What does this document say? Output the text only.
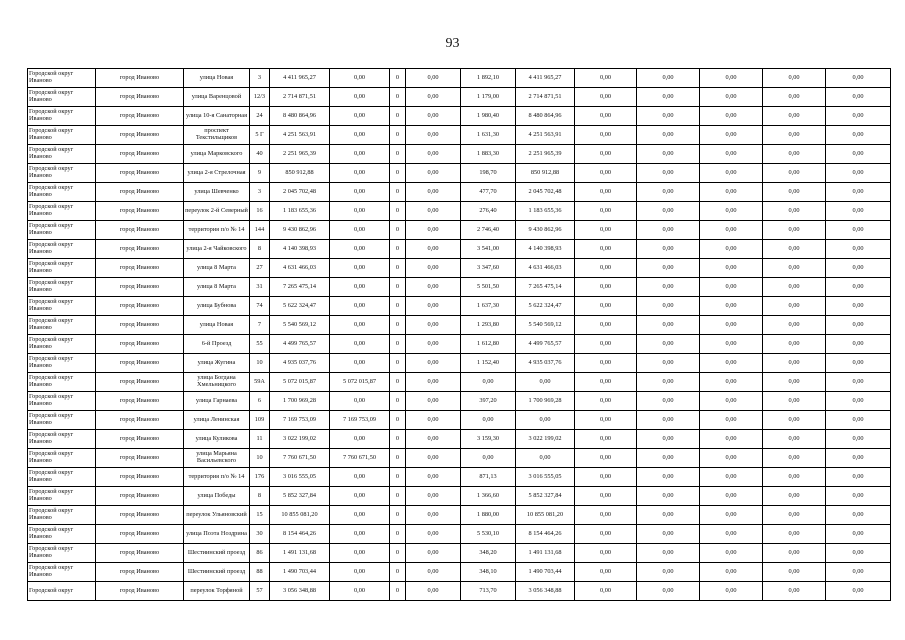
93
Городской округ Иваново	город Иваново	улица Новая	3	4 411 965,27	0,00	0	0,00	1 892,10	4 411 965,27	0,00	0,00	0,00	0,00	0,00
Городской округ Иваново	город Иваново	улица Варенцовой	12/3	2 714 871,51	0,00	0	0,00	1 179,00	2 714 871,51	0,00	0,00	0,00	0,00	0,00
Городской округ Иваново	город Иваново	улица 10-я Санаторная	24	8 480 864,96	0,00	0	0,00	1 980,40	8 480 864,96	0,00	0,00	0,00	0,00	0,00
Городской округ Иваново	город Иваново	проспект Текстильщиков	5 Г	4 251 563,91	0,00	0	0,00	1 631,30	4 251 563,91	0,00	0,00	0,00	0,00	0,00
Городской округ Иваново	город Иваново	улица Марковского	40	2 251 965,39	0,00	0	0,00	1 883,30	2 251 965,39	0,00	0,00	0,00	0,00	0,00
Городской округ Иваново	город Иваново	улица 2-я Стрелочная	9	850 912,88	0,00	0	0,00	198,70	850 912,88	0,00	0,00	0,00	0,00	0,00
Городской округ Иваново	город Иваново	улица Шевченко	3	2 045 702,48	0,00	0	0,00	477,70	2 045 702,48	0,00	0,00	0,00	0,00	0,00
Городской округ Иваново	город Иваново	переулок 2-й Северный	16	1 183 655,36	0,00	0	0,00	276,40	1 183 655,36	0,00	0,00	0,00	0,00	0,00
Городской округ Иваново	город Иваново	территория п/о № 14	144	9 430 862,96	0,00	0	0,00	2 746,40	9 430 862,96	0,00	0,00	0,00	0,00	0,00
Городской округ Иваново	город Иваново	улица 2-я Чайковского	8	4 140 398,93	0,00	0	0,00	3 541,00	4 140 398,93	0,00	0,00	0,00	0,00	0,00
Городской округ Иваново	город Иваново	улица 8 Марта	27	4 631 466,03	0,00	0	0,00	3 347,60	4 631 466,03	0,00	0,00	0,00	0,00	0,00
Городской округ Иваново	город Иваново	улица 8 Марта	31	7 265 475,14	0,00	0	0,00	5 501,50	7 265 475,14	0,00	0,00	0,00	0,00	0,00
Городской округ Иваново	город Иваново	улица Бубнова	74	5 622 324,47	0,00	0	0,00	1 637,30	5 622 324,47	0,00	0,00	0,00	0,00	0,00
Городской округ Иваново	город Иваново	улица Новая	7	5 540 569,12	0,00	0	0,00	1 293,80	5 540 569,12	0,00	0,00	0,00	0,00	0,00
Городской округ Иваново	город Иваново	6-й Проезд	55	4 499 765,57	0,00	0	0,00	1 612,80	4 499 765,57	0,00	0,00	0,00	0,00	0,00
Городской округ Иваново	город Иваново	улица Жугина	10	4 935 037,76	0,00	0	0,00	1 152,40	4 935 037,76	0,00	0,00	0,00	0,00	0,00
Городской округ Иваново	город Иваново	улица Богдана Хмельницкого	59А	5 072 015,87	5 072 015,87	0	0,00	0,00	0,00	0,00	0,00	0,00	0,00	0,00
Городской округ Иваново	город Иваново	улица Гарнаева	6	1 700 969,28	0,00	0	0,00	397,20	1 700 969,28	0,00	0,00	0,00	0,00	0,00
Городской округ Иваново	город Иваново	улица Ленинская	109	7 169 753,09	7 169 753,09	0	0,00	0,00	0,00	0,00	0,00	0,00	0,00	0,00
Городской округ Иваново	город Иваново	улица Куликова	11	3 022 199,02	0,00	0	0,00	3 159,30	3 022 199,02	0,00	0,00	0,00	0,00	0,00
Городской округ Иваново	город Иваново	улица Марьяна Васильевского	10	7 760 671,50	7 760 671,50	0	0,00	0,00	0,00	0,00	0,00	0,00	0,00	0,00
Городской округ Иваново	город Иваново	территория п/о № 14	176	3 016 555,05	0,00	0	0,00	871,13	3 016 555,05	0,00	0,00	0,00	0,00	0,00
Городской округ Иваново	город Иваново	улица Победы	8	5 852 327,84	0,00	0	0,00	1 366,60	5 852 327,84	0,00	0,00	0,00	0,00	0,00
Городской округ Иваново	город Иваново	переулок Ульяновский	15	10 855 081,20	0,00	0	0,00	1 880,00	10 855 081,20	0,00	0,00	0,00	0,00	0,00
Городской округ Иваново	город Иваново	улица Поэта Ноздрина	30	8 154 464,26	0,00	0	0,00	5 530,10	8 154 464,26	0,00	0,00	0,00	0,00	0,00
Городской округ Иваново	город Иваново	Шестиинский проезд	86	1 491 131,68	0,00	0	0,00	348,20	1 491 131,68	0,00	0,00	0,00	0,00	0,00
Городской округ Иваново	город Иваново	Шестиинский проезд	88	1 490 703,44	0,00	0	0,00	348,10	1 490 703,44	0,00	0,00	0,00	0,00	0,00
Городской округ	город Иваново	переулок Торфяной	57	3 056 348,88	0,00	0	0,00	713,70	3 056 348,88	0,00	0,00	0,00	0,00	0,00
